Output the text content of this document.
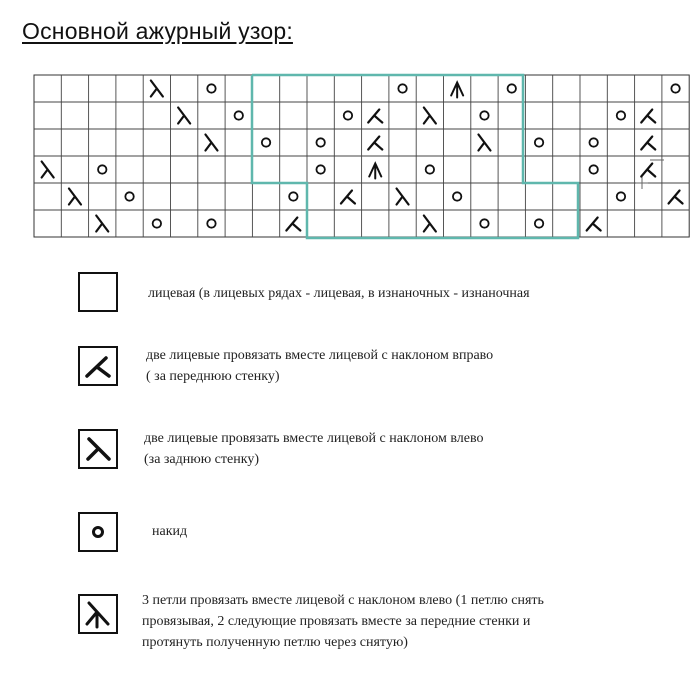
Основной ажурный узор:
лицевая (в лицевых рядах - лицевая, в изнаночных - изнаночная
две лицевые провязать вместе лицевой с наклоном вправо
( за переднюю стенку)
две лицевые провязать вместе лицевой с наклоном влево
(за заднюю стенку)
накид
3 петли провязать вместе лицевой с наклоном влево (1 петлю снять
провязывая, 2 следующие провязать вместе за передние стенки и
протянуть полученную петлю через снятую)
